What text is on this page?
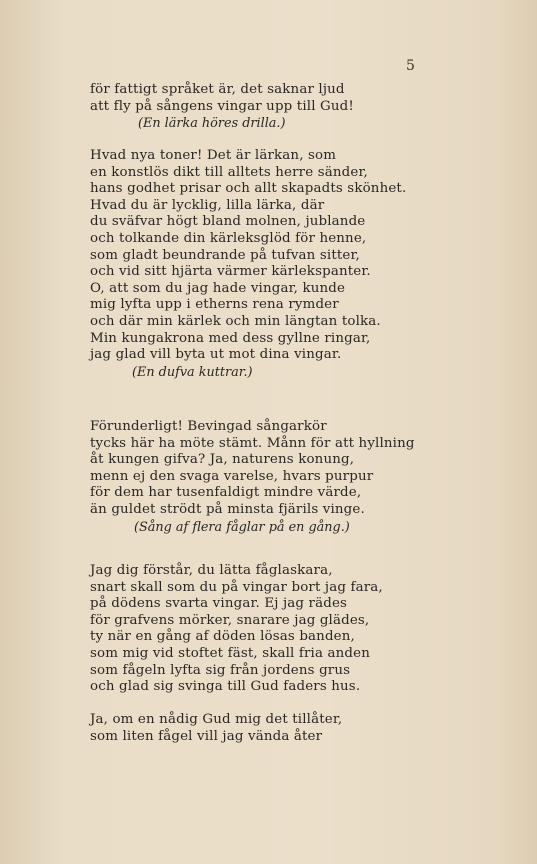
5
för fattigt språket är, det saknar ljud
att fly på sångens vingar upp till Gud!
(En lärka höres drilla.)
Hvad nya toner! Det är lärkan, som
en konstlös dikt till alltets herre sänder,
hans godhet prisar och allt skapadts skönhet.
Hvad du är lycklig, lilla lärka, där
du sväfvar högt bland molnen, jublande
och tolkande din kärleksglöd för henne,
som gladt beundrande på tufvan sitter,
och vid sitt hjärta värmer kärlekspanter.
O, att som du jag hade vingar, kunde
mig lyfta upp i etherns rena rymder
och där min kärlek och min längtan tolka.
Min kungakrona med dess gyllne ringar,
jag glad vill byta ut mot dina vingar.
(En dufva kuttrar.)
Förunderligt! Bevingad sångarkör
tycks här ha möte stämt. Månn för att hyllning
åt kungen gifva? Ja, naturens konung,
menn ej den svaga varelse, hvars purpur
för dem har tusenfaldigt mindre värde,
än guldet strödt på minsta fjärils vinge.
(Sång af flera fåglar på en gång.)
Jag dig förstår, du lätta fåglaskara,
snart skall som du på vingar bort jag fara,
på dödens svarta vingar. Ej jag rädes
för grafvens mörker, snarare jag glädes,
ty när en gång af döden lösas banden,
som mig vid stoftet fäst, skall fria anden
som fågeln lyfta sig från jordens grus
och glad sig svinga till Gud faders hus.
Ja, om en nådig Gud mig det tillåter,
som liten fågel vill jag vända åter
